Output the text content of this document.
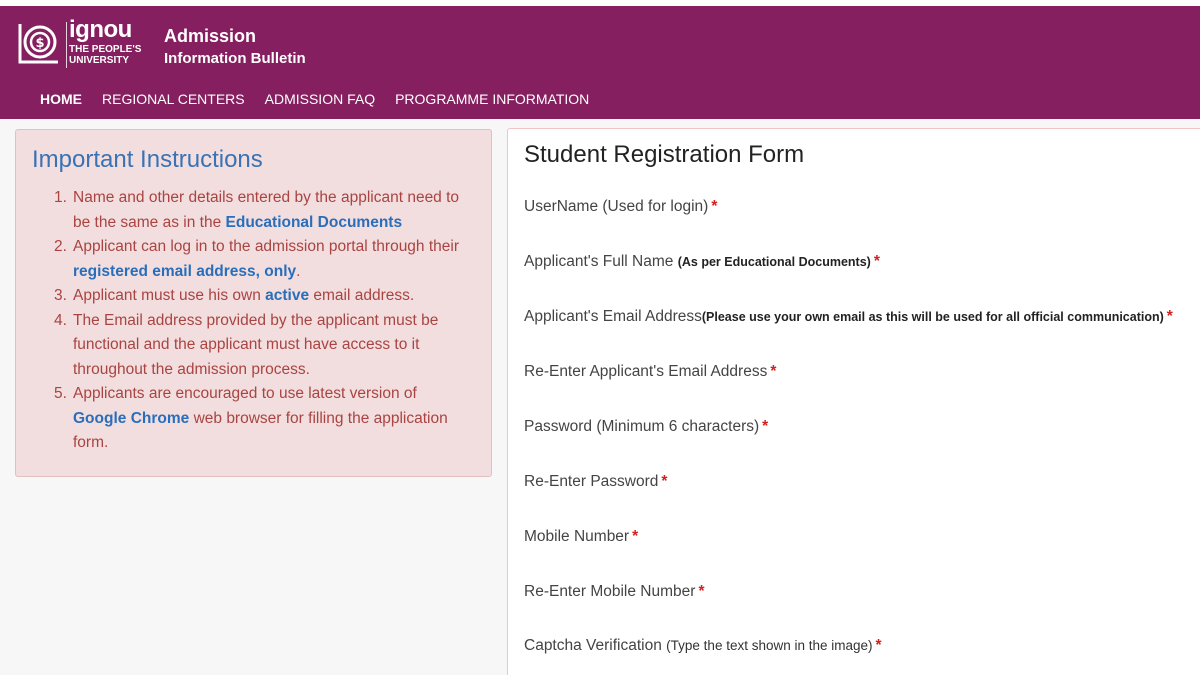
$
ignou
THE PEOPLE'S UNIVERSITY
Admission
Information Bulletin
HOME REGIONAL CENTERS ADMISSION FAQ PROGRAMME INFORMATION
Important Instructions
1. Name and other details entered by the applicant need to be the same as in the Educational Documents
2. Applicant can log in to the admission portal through their registered email address, only.
3. Applicant must use his own active email address.
4. The Email address provided by the applicant must be functional and the applicant must have access to it throughout the admission process.
5. Applicants are encouraged to use latest version of Google Chrome web browser for filling the application form.
Student Registration Form
UserName (Used for login) *
Applicant's Full Name (As per Educational Documents) *
Applicant's Email Address(Please use your own email as this will be used for all official communication) *
Re-Enter Applicant's Email Address *
Password (Minimum 6 characters) *
Re-Enter Password *
Mobile Number *
Re-Enter Mobile Number *
Captcha Verification (Type the text shown in the image) *
